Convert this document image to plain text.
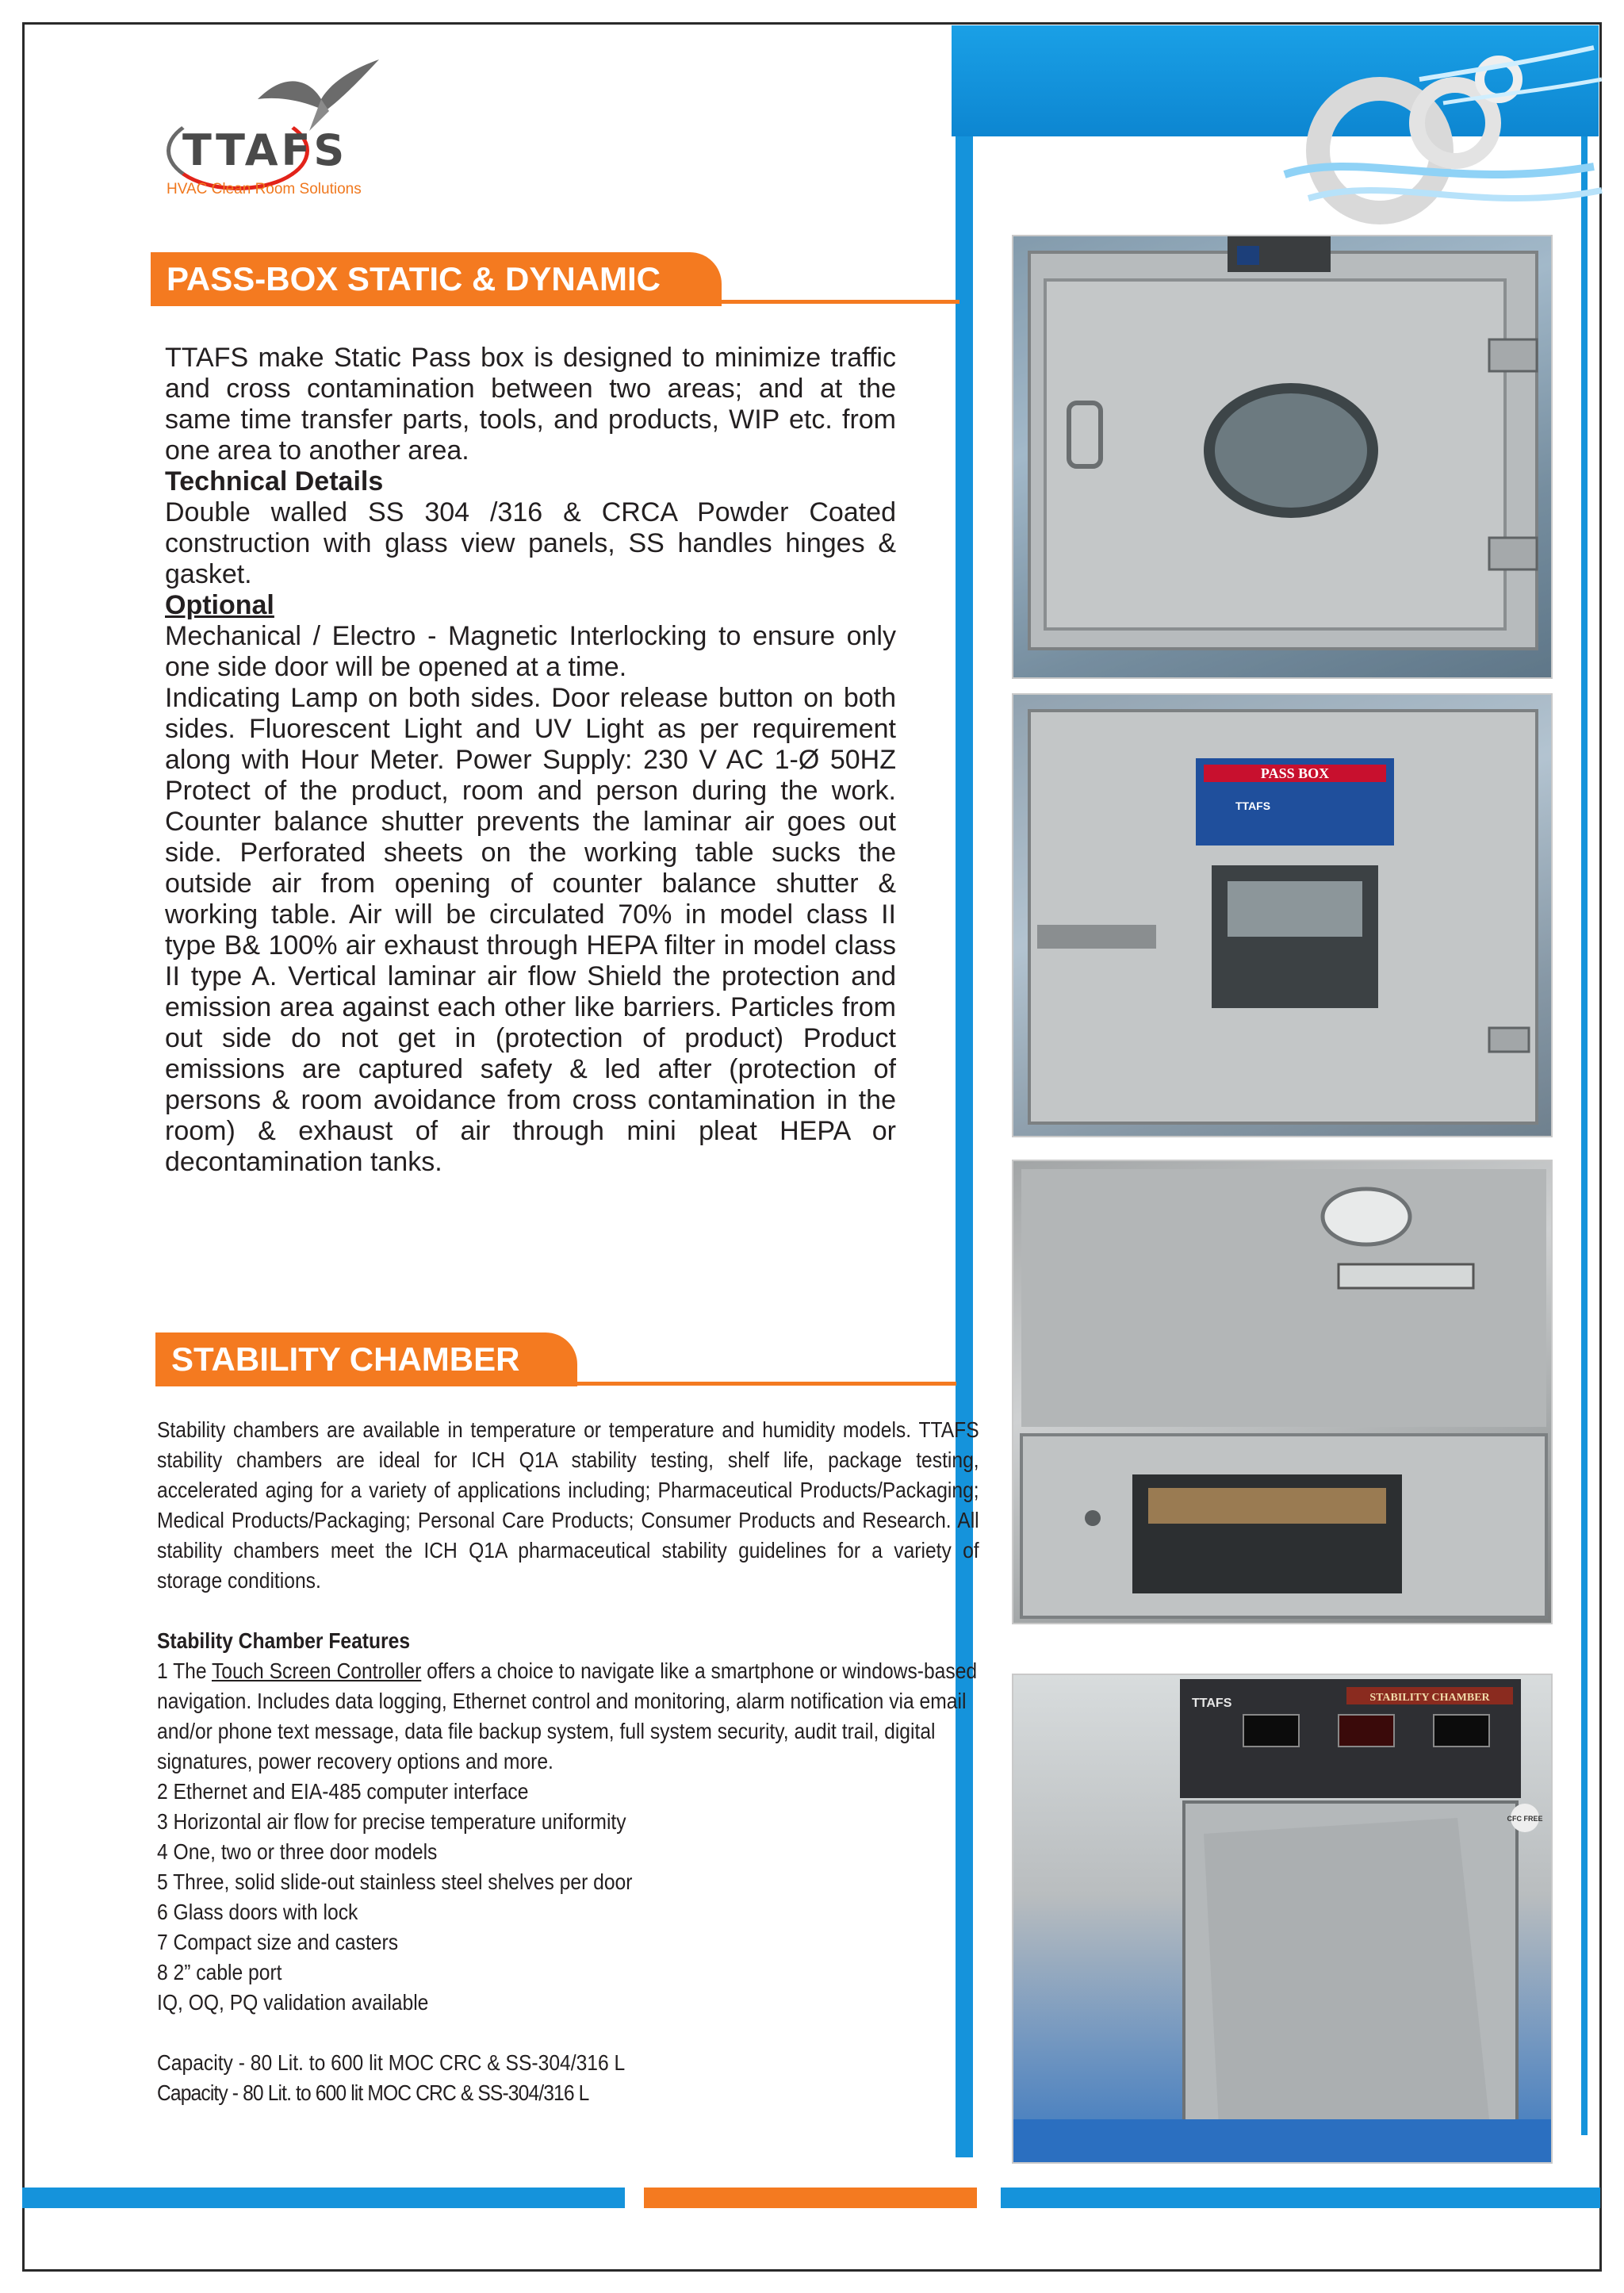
TTAFS
HVAC Clean Room Solutions
PASS-BOX STATIC & DYNAMIC

TTAFS make Static Pass box is designed to minimize traffic and cross contamination between two areas; and at the same time transfer parts, tools, and products, WIP etc. from one area to another area.

Technical Details

Double walled SS 304 /316 & CRCA Powder Coated construction with glass view panels, SS handles hinges & gasket.

Optional

Mechanical / Electro - Magnetic Interlocking to ensure only one side door will be opened at a time.

Indicating Lamp on both sides. Door release button on both sides. Fluorescent Light and UV Light as per requirement along with Hour Meter. Power Supply: 230 V AC 1-Ø 50HZ Protect of the product, room and person during the work. Counter balance shutter prevents the laminar air goes out side. Perforated sheets on the working table sucks the outside air from opening of counter balance shutter & working table. Air will be circulated 70% in model class II type B& 100% air exhaust through HEPA filter in model class II type A. Vertical laminar air flow Shield the protection and emission area against each other like barriers. Particles from out side do not get in (protection of product) Product emissions are captured safety & led after (protection of persons & room avoidance from cross contamination in the room) & exhaust of air through mini pleat HEPA or decontamination tanks.

STABILITY CHAMBER

Stability chambers are available in temperature or temperature and humidity models. TTAFS stability chambers are ideal for ICH Q1A stability testing, shelf life, package testing, accelerated aging for a variety of applications including; Pharmaceutical Products/Packaging; Medical Products/Packaging; Personal Care Products; Consumer Products and Research. All stability chambers meet the ICH Q1A pharmaceutical stability guidelines for a variety of storage conditions.

Stability Chamber Features

1 The Touch Screen Controller offers a choice to navigate like a smartphone or windows-based navigation. Includes data logging, Ethernet control and monitoring, alarm notification via email and/or phone text message, data file backup system, full system security, audit trail, digital signatures, power recovery options and more.

2 Ethernet and EIA-485 computer interface

3 Horizontal air flow for precise temperature uniformity

4 One, two or three door models

5 Three, solid slide-out stainless steel shelves per door

6 Glass doors with lock

7 Compact size and casters

8 2” cable port

IQ, OQ, PQ validation available

Capacity - 80 Lit. to 600 lit MOC CRC & SS-304/316 L

Capacity - 80 Lit. to 600 lit MOC CRC & SS-304/316 L

PASS BOX
TTAFS
STABILITY CHAMBER
TTAFS
CFC FREE
